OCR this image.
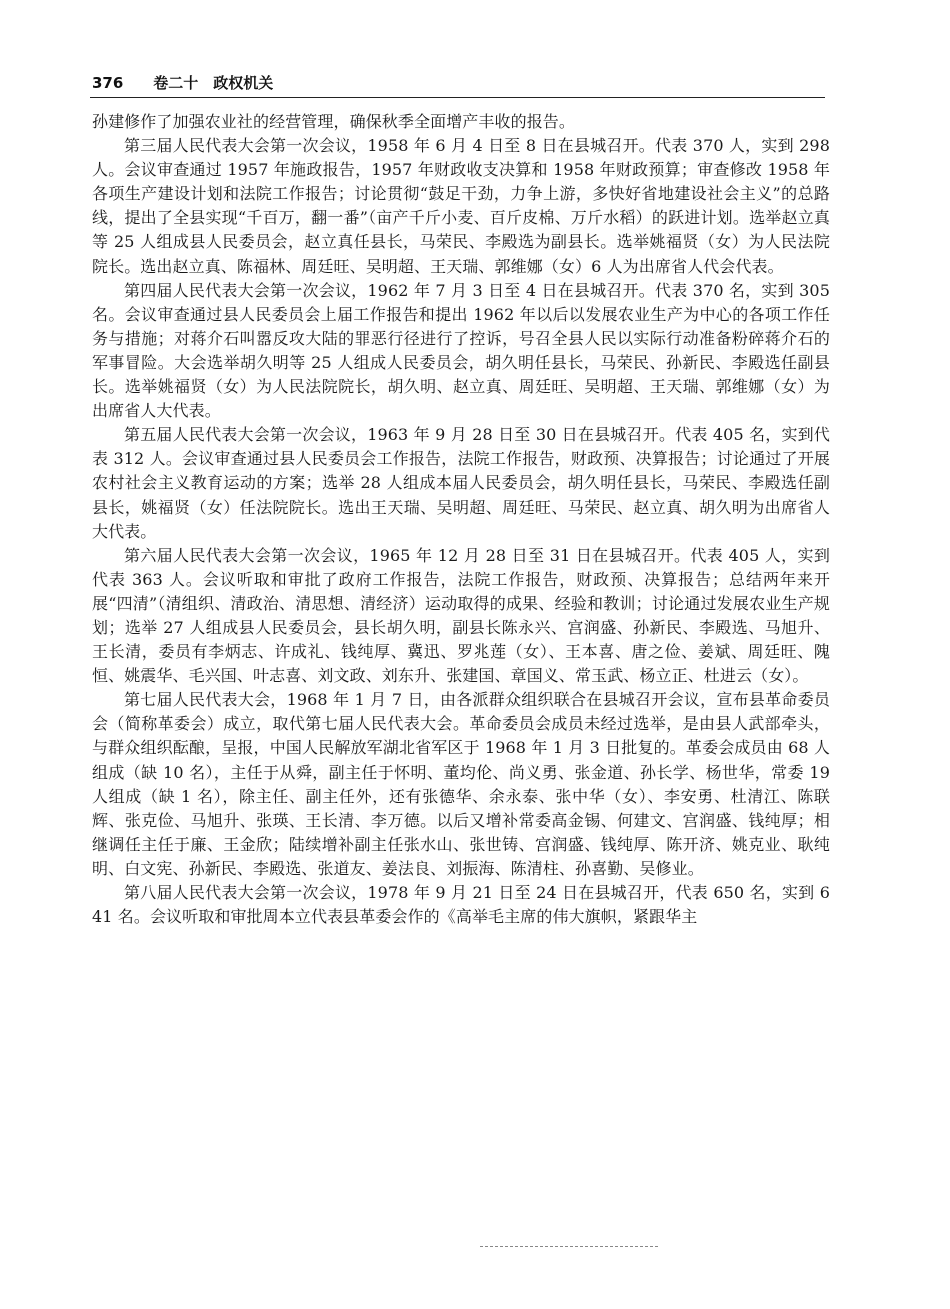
376 卷二十　政权机关

孙建修作了加强农业社的经营管理，确保秋季全面增产丰收的报告。

第三届人民代表大会第一次会议，1958 年 6 月 4 日至 8 日在县城召开。代表 370 人，实到 298 人。会议审查通过 1957 年施政报告，1957 年财政收支决算和 1958 年财政预算；审查修改 1958 年各项生产建设计划和法院工作报告；讨论贯彻“鼓足干劲，力争上游，多快好省地建设社会主义”的总路线，提出了全县实现“千百万，翻一番”（亩产千斤小麦、百斤皮棉、万斤水稻）的跃进计划。选举赵立真等 25 人组成县人民委员会，赵立真任县长，马荣民、李殿选为副县长。选举姚福贤（女）为人民法院院长。选出赵立真、陈福林、周廷旺、吴明超、王天瑞、郭维娜（女）6 人为出席省人代会代表。

第四届人民代表大会第一次会议，1962 年 7 月 3 日至 4 日在县城召开。代表 370 名，实到 305 名。会议审查通过县人民委员会上届工作报告和提出 1962 年以后以发展农业生产为中心的各项工作任务与措施；对蒋介石叫嚣反攻大陆的罪恶行径进行了控诉，号召全县人民以实际行动准备粉碎蒋介石的军事冒险。大会选举胡久明等 25 人组成人民委员会，胡久明任县长，马荣民、孙新民、李殿选任副县长。选举姚福贤（女）为人民法院院长，胡久明、赵立真、周廷旺、吴明超、王天瑞、郭维娜（女）为出席省人大代表。

第五届人民代表大会第一次会议，1963 年 9 月 28 日至 30 日在县城召开。代表 405 名，实到代表 312 人。会议审查通过县人民委员会工作报告，法院工作报告，财政预、决算报告；讨论通过了开展农村社会主义教育运动的方案；选举 28 人组成本届人民委员会，胡久明任县长，马荣民、李殿选任副县长，姚福贤（女）任法院院长。选出王天瑞、吴明超、周廷旺、马荣民、赵立真、胡久明为出席省人大代表。

第六届人民代表大会第一次会议，1965 年 12 月 28 日至 31 日在县城召开。代表 405 人，实到代表 363 人。会议听取和审批了政府工作报告，法院工作报告，财政预、决算报告；总结两年来开展“四清”（清组织、清政治、清思想、清经济）运动取得的成果、经验和教训；讨论通过发展农业生产规划；选举 27 人组成县人民委员会，县长胡久明，副县长陈永兴、宫润盛、孙新民、李殿选、马旭升、王长清，委员有李炳志、许成礼、钱纯厚、冀迅、罗兆莲（女）、王本喜、唐之俭、姜斌、周廷旺、隗恒、姚震华、毛兴国、叶志喜、刘文政、刘东升、张建国、章国义、常玉武、杨立正、杜进云（女）。

第七届人民代表大会，1968 年 1 月 7 日，由各派群众组织联合在县城召开会议，宣布县革命委员会（简称革委会）成立，取代第七届人民代表大会。革命委员会成员未经过选举，是由县人武部牵头，与群众组织酝酿，呈报，中国人民解放军湖北省军区于 1968 年 1 月 3 日批复的。革委会成员由 68 人组成（缺 10 名），主任于从舜，副主任于怀明、董均伦、尚义勇、张金道、孙长学、杨世华，常委 19 人组成（缺 1 名），除主任、副主任外，还有张德华、余永泰、张中华（女）、李安勇、杜清江、陈联辉、张克俭、马旭升、张瑛、王长清、李万德。以后又增补常委高金锡、何建文、宫润盛、钱纯厚；相继调任主任于廉、王金欣；陆续增补副主任张水山、张世铸、宫润盛、钱纯厚、陈开济、姚克业、耿纯明、白文宪、孙新民、李殿选、张道友、姜法良、刘振海、陈清柱、孙喜勤、吴修业。

第八届人民代表大会第一次会议，1978 年 9 月 21 日至 24 日在县城召开，代表 650 名，实到 641 名。会议听取和审批周本立代表县革委会作的《高举毛主席的伟大旗帜，紧跟华主
